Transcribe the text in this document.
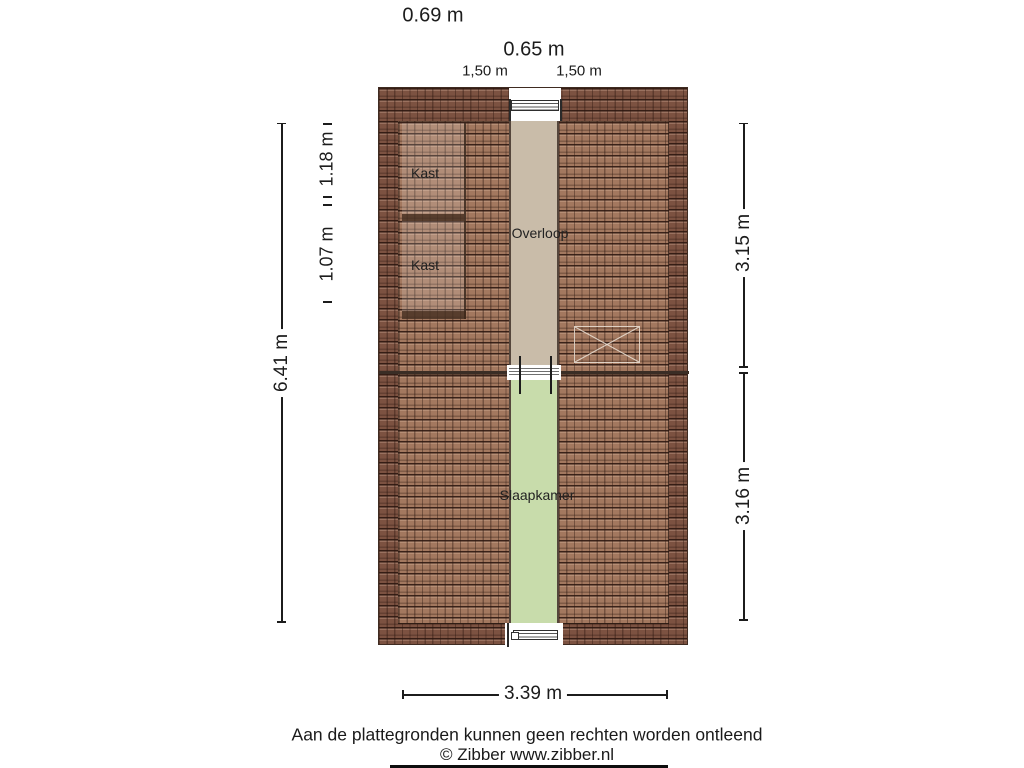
0.69 m
0.65 m
1,50 m	1,50 m
Kast
Kast
Overloop
Slaapkamer
6.41 m
1.18 m
1.07 m	3.15 m
3.16 m
3.39 m
Aan de plattegronden kunnen geen rechten worden ontleend
© Zibber www.zibber.nl
